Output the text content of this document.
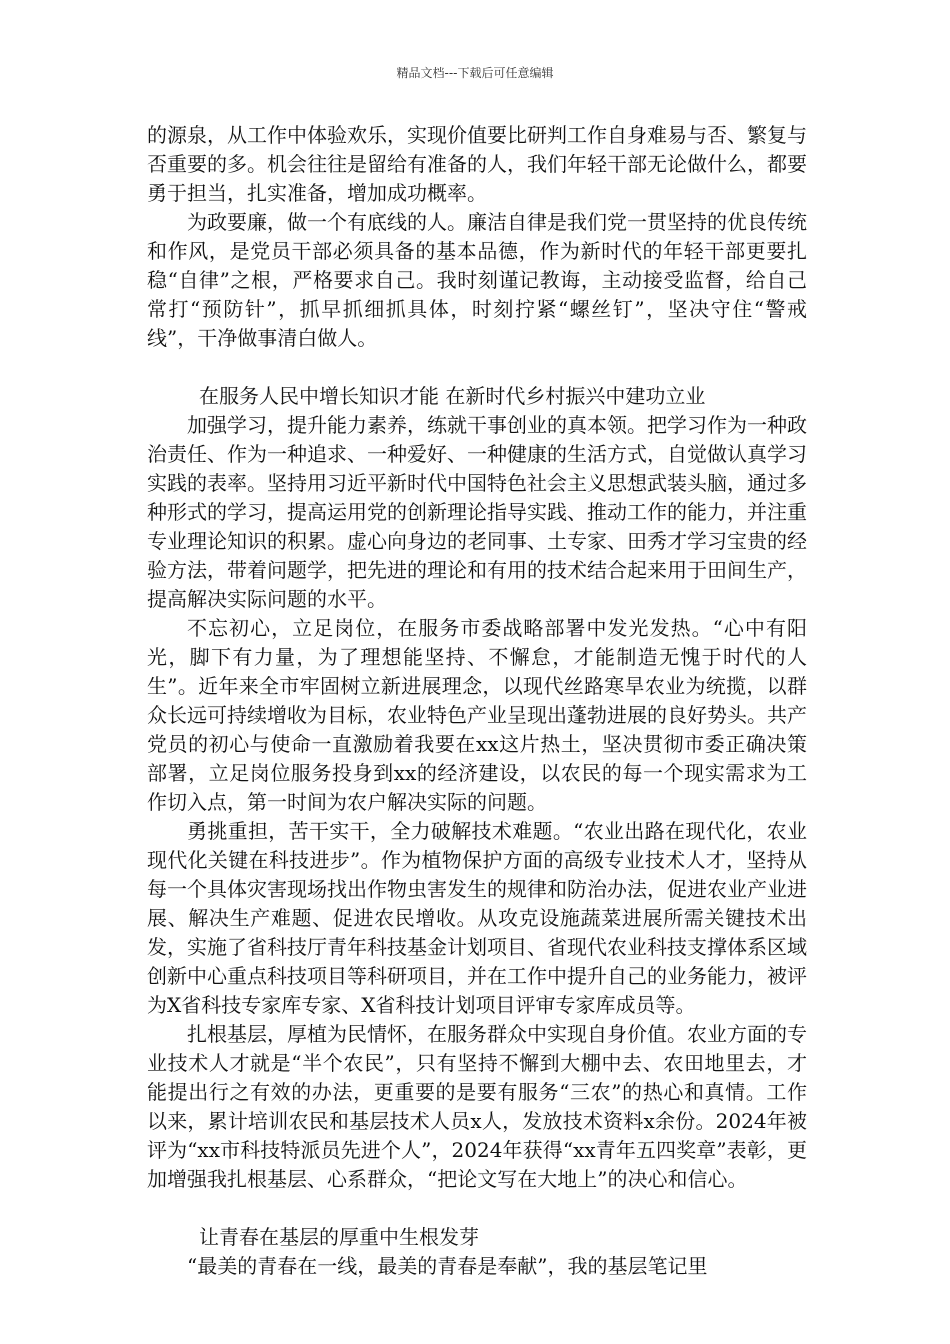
精品文档---下载后可任意编辑

的源泉，从工作中体验欢乐，实现价值要比研判工作自身难易与否、繁复与否重要的多。机会往往是留给有准备的人，我们年轻干部无论做什么，都要勇于担当，扎实准备，增加成功概率。

为政要廉，做一个有底线的人。廉洁自律是我们党一贯坚持的优良传统和作风，是党员干部必须具备的基本品德，作为新时代的年轻干部更要扎稳“自律”之根，严格要求自己。我时刻谨记教诲，主动接受监督，给自己常打“预防针”，抓早抓细抓具体，时刻拧紧“螺丝钉”，坚决守住“警戒线”，干净做事清白做人。

在服务人民中增长知识才能 在新时代乡村振兴中建功立业

加强学习，提升能力素养，练就干事创业的真本领。把学习作为一种政治责任、作为一种追求、一种爱好、一种健康的生活方式，自觉做认真学习实践的表率。坚持用习近平新时代中国特色社会主义思想武装头脑，通过多种形式的学习，提高运用党的创新理论指导实践、推动工作的能力，并注重专业理论知识的积累。虚心向身边的老同事、土专家、田秀才学习宝贵的经验方法，带着问题学，把先进的理论和有用的技术结合起来用于田间生产，提高解决实际问题的水平。

不忘初心，立足岗位，在服务市委战略部署中发光发热。“心中有阳光，脚下有力量，为了理想能坚持、不懈怠，才能制造无愧于时代的人生”。近年来全市牢固树立新进展理念，以现代丝路寒旱农业为统揽，以群众长远可持续增收为目标，农业特色产业呈现出蓬勃进展的良好势头。共产党员的初心与使命一直激励着我要在xx这片热土，坚决贯彻市委正确决策部署，立足岗位服务投身到xx的经济建设，以农民的每一个现实需求为工作切入点，第一时间为农户解决实际的问题。

勇挑重担，苦干实干，全力破解技术难题。“农业出路在现代化，农业现代化关键在科技进步”。作为植物保护方面的高级专业技术人才，坚持从每一个具体灾害现场找出作物虫害发生的规律和防治办法，促进农业产业进展、解决生产难题、促进农民增收。从攻克设施蔬菜进展所需关键技术出发，实施了省科技厅青年科技基金计划项目、省现代农业科技支撑体系区域创新中心重点科技项目等科研项目，并在工作中提升自己的业务能力，被评为X省科技专家库专家、X省科技计划项目评审专家库成员等。

扎根基层，厚植为民情怀，在服务群众中实现自身价值。农业方面的专业技术人才就是“半个农民”，只有坚持不懈到大棚中去、农田地里去，才能提出行之有效的办法，更重要的是要有服务“三农”的热心和真情。工作以来，累计培训农民和基层技术人员x人，发放技术资料x余份。2024年被评为“xx市科技特派员先进个人”，2024年获得“xx青年五四奖章”表彰，更加增强我扎根基层、心系群众，“把论文写在大地上”的决心和信心。

让青春在基层的厚重中生根发芽

“最美的青春在一线，最美的青春是奉献”，我的基层笔记里
